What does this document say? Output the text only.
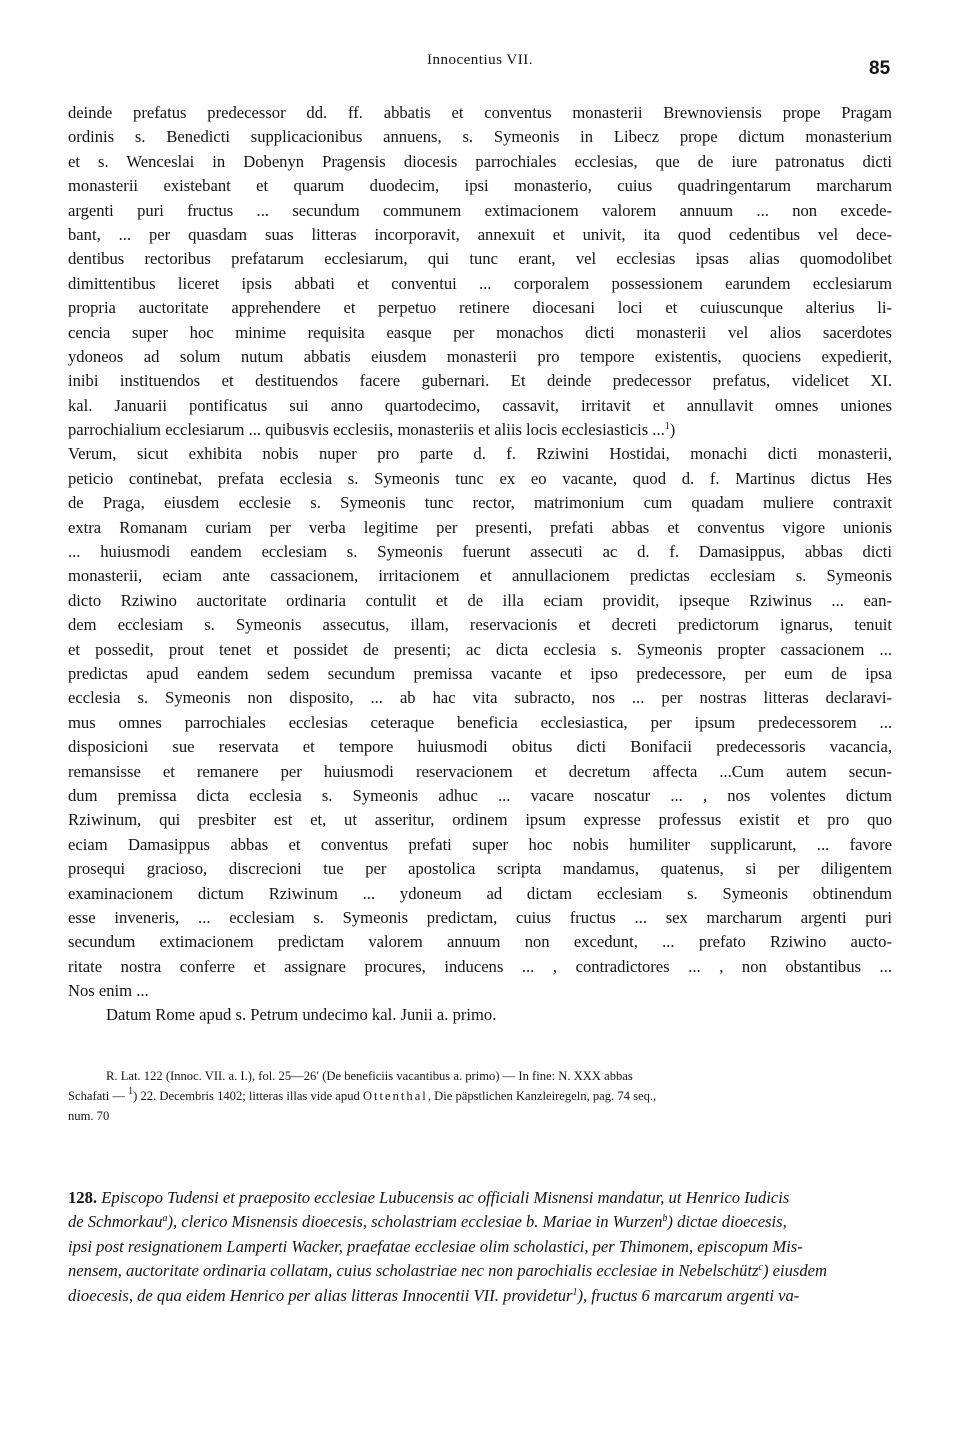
Innocentius VII.	85
deinde prefatus predecessor dd. ff. abbatis et conventus monasterii Brewnoviensis prope Pragam
ordinis s. Benedicti supplicacionibus annuens, s. Symeonis in Libecz prope dictum monasterium
et s. Wenceslai in Dobenyn Pragensis diocesis parrochiales ecclesias, que de iure patronatus dicti
monasterii existebant et quarum duodecim, ipsi monasterio, cuius quadringentarum marcharum
argenti puri fructus ... secundum communem extimacionem valorem annuum ... non excede-
bant, ... per quasdam suas litteras incorporavit, annexuit et univit, ita quod cedentibus vel dece-
dentibus rectoribus prefatarum ecclesiarum, qui tunc erant, vel ecclesias ipsas alias quomodolibet
dimittentibus liceret ipsis abbati et conventui ... corporalem possessionem earundem ecclesiarum
propria auctoritate apprehendere et perpetuo retinere diocesani loci et cuiuscunque alterius li-
cencia super hoc minime requisita easque per monachos dicti monasterii vel alios sacerdotes
ydoneos ad solum nutum abbatis eiusdem monasterii pro tempore existentis, quociens expedierit,
inibi instituendos et destituendos facere gubernari. Et deinde predecessor prefatus, videlicet XI.
kal. Januarii pontificatus sui anno quartodecimo, cassavit, irritavit et annullavit omnes uniones
parrochialium ecclesiarum ... quibusvis ecclesiis, monasteriis et aliis locis ecclesiasticis ...$^1$)
Verum, sicut exhibita nobis nuper pro parte d. f. Rziwini Hostidai, monachi dicti monasterii,
peticio continebat, prefata ecclesia s. Symeonis tunc ex eo vacante, quod d. f. Martinus dictus Hes
de Praga, eiusdem ecclesie s. Symeonis tunc rector, matrimonium cum quadam muliere contraxit
extra Romanam curiam per verba legitime per presenti, prefati abbas et conventus vigore unionis
... huiusmodi eandem ecclesiam s. Symeonis fuerunt assecuti ac d. f. Damasippus, abbas dicti
monasterii, eciam ante cassacionem, irritacionem et annullacionem predictas ecclesiam s. Symeonis
dicto Rziwino auctoritate ordinaria contulit et de illa eciam providit, ipseque Rziwinus ... ean-
dem ecclesiam s. Symeonis assecutus, illam, reservacionis et decreti predictorum ignarus, tenuit
et possedit, prout tenet et possidet de presenti; ac dicta ecclesia s. Symeonis propter cassacionem ...
predictas apud eandem sedem secundum premissa vacante et ipso predecessore, per eum de ipsa
ecclesia s. Symeonis non disposito, ... ab hac vita subracto, nos ... per nostras litteras declaravi-
mus omnes parrochiales ecclesias ceteraque beneficia ecclesiastica, per ipsum predecessorem ...
disposicioni sue reservata et tempore huiusmodi obitus dicti Bonifacii predecessoris vacancia,
remansisse et remanere per huiusmodi reservacionem et decretum affecta ...Cum autem secun-
dum premissa dicta ecclesia s. Symeonis adhuc ... vacare noscatur ... , nos volentes dictum
Rziwinum, qui presbiter est et, ut asseritur, ordinem ipsum expresse professus existit et pro quo
eciam Damasippus abbas et conventus prefati super hoc nobis humiliter supplicarunt, ... favore
prosequi gracioso, discrecioni tue per apostolica scripta mandamus, quatenus, si per diligentem
examinacionem dictum Rziwinum ... ydoneum ad dictam ecclesiam s. Symeonis obtinendum
esse inveneris, ... ecclesiam s. Symeonis predictam, cuius fructus ... sex marcharum argenti puri
secundum extimacionem predictam valorem annuum non excedunt, ... prefato Rziwino aucto-
ritate nostra conferre et assignare procures, inducens ... , contradictores ... , non obstantibus ...
Nos enim ...
Datum Rome apud s. Petrum undecimo kal. Junii a. primo.
R. Lat. 122 (Innoc. VII. a. I.), fol. 25—26′ (De beneficiis vacantibus a. primo) — In fine: N. XXX abbas
Schafati — $^1$) 22. Decembris 1402; litteras illas vide apud Ottenthal, Die päpstlichen Kanzleiregeln, pag. 74 seq.,
num. 70
128. Episcopo Tudensi et praeposito ecclesiae Lubucensis ac officiali Misnensi mandatur, ut Henrico Iudicis
de Schmorkau$^a$), clerico Misnensis dioecesis, scholastriam ecclesiae b. Mariae in Wurzen$^b$) dictae dioecesis,
ipsi post resignationem Lamperti Wacker, praefatae ecclesiae olim scholastici, per Thimonem, episcopum Mis-
nensem, auctoritate ordinaria collatam, cuius scholastriae nec non parochialis ecclesiae in Nebelschütz$^c$) eiusdem
dioecesis, de qua eidem Henrico per alias litteras Innocentii VII. providetur$^1$), fructus 6 marcarum argenti va-
